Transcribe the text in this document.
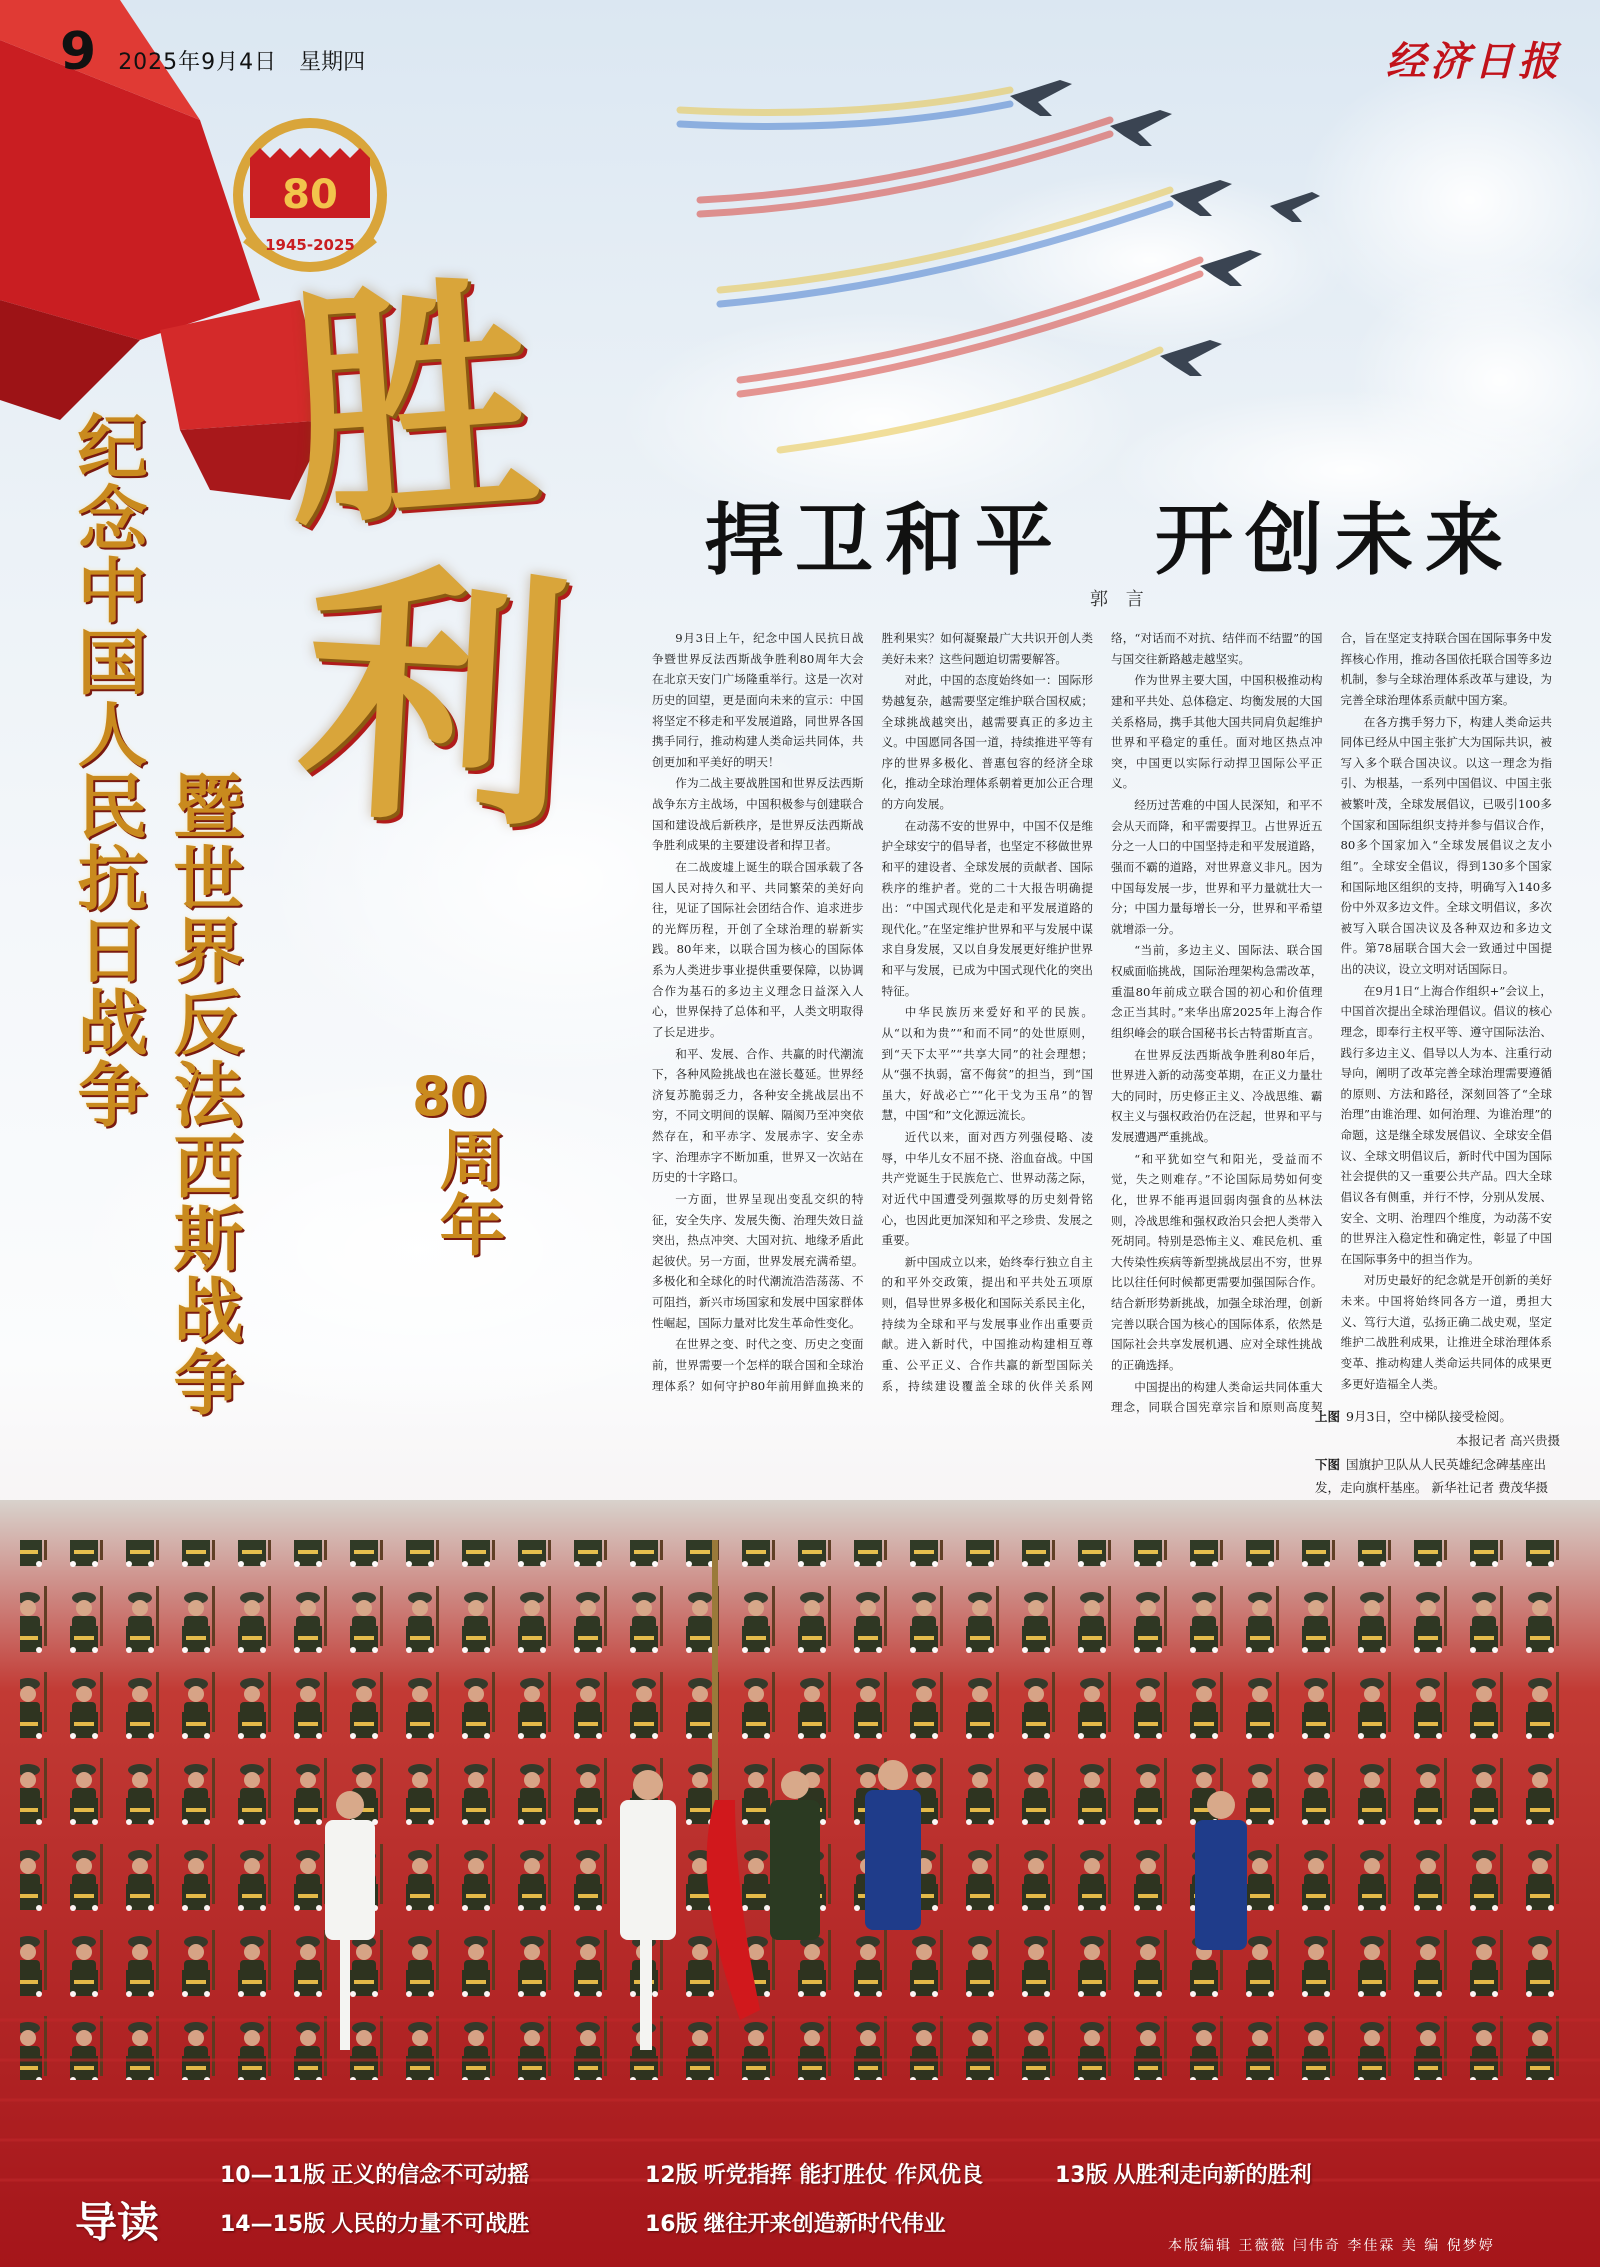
80
1945-2025
9 2025年9月4日 星期四	经济日报
胜
利
纪念中国人民抗日战争 暨世界反法西斯战争	80
周年
捍卫和平　开创未来
郭 言

9月3日上午，纪念中国人民抗日战争暨世界反法西斯战争胜利80周年大会在北京天安门广场隆重举行。这是一次对历史的回望，更是面向未来的宣示：中国将坚定不移走和平发展道路，同世界各国携手同行，推动构建人类命运共同体，共创更加和平美好的明天！

作为二战主要战胜国和世界反法西斯战争东方主战场，中国积极参与创建联合国和建设战后新秩序，是世界反法西斯战争胜利成果的主要建设者和捍卫者。

在二战废墟上诞生的联合国承载了各国人民对持久和平、共同繁荣的美好向往，见证了国际社会团结合作、追求进步的光辉历程，开创了全球治理的崭新实践。80年来，以联合国为核心的国际体系为人类进步事业提供重要保障，以协调合作为基石的多边主义理念日益深入人心，世界保持了总体和平，人类文明取得了长足进步。

和平、发展、合作、共赢的时代潮流下，各种风险挑战也在滋长蔓延。世界经济复苏脆弱乏力，各种安全挑战层出不穷，不同文明间的误解、隔阂乃至冲突依然存在，和平赤字、发展赤字、安全赤字、治理赤字不断加重，世界又一次站在历史的十字路口。

一方面，世界呈现出变乱交织的特征，安全失序、发展失衡、治理失效日益突出，热点冲突、大国对抗、地缘矛盾此起彼伏。另一方面，世界发展充满希望。多极化和全球化的时代潮流浩浩荡荡、不可阻挡，新兴市场国家和发展中国家群体性崛起，国际力量对比发生革命性变化。

在世界之变、时代之变、历史之变面前，世界需要一个怎样的联合国和全球治理体系？如何守护80年前用鲜血换来的胜利果实？如何凝聚最广大共识开创人类美好未来？这些问题迫切需要解答。

对此，中国的态度始终如一：国际形势越复杂，越需要坚定维护联合国权威；全球挑战越突出，越需要真正的多边主义。中国愿同各国一道，持续推进平等有序的世界多极化、普惠包容的经济全球化，推动全球治理体系朝着更加公正合理的方向发展。

在动荡不安的世界中，中国不仅是维护全球安宁的倡导者，也坚定不移做世界和平的建设者、全球发展的贡献者、国际秩序的维护者。党的二十大报告明确提出：“中国式现代化是走和平发展道路的现代化。”在坚定维护世界和平与发展中谋求自身发展，又以自身发展更好维护世界和平与发展，已成为中国式现代化的突出特征。

中华民族历来爱好和平的民族。从“以和为贵”“和而不同”的处世原则，到“天下太平”“共享大同”的社会理想；从“强不执弱，富不侮贫”的担当，到“国虽大，好战必亡”“化干戈为玉帛”的智慧，中国“和”文化源远流长。

近代以来，面对西方列强侵略、凌辱，中华儿女不屈不挠、浴血奋战。中国共产党诞生于民族危亡、世界动荡之际，对近代中国遭受列强欺辱的历史刻骨铭心，也因此更加深知和平之珍贵、发展之重要。

新中国成立以来，始终奉行独立自主的和平外交政策，提出和平共处五项原则，倡导世界多极化和国际关系民主化，持续为全球和平与发展事业作出重要贡献。进入新时代，中国推动构建相互尊重、公平正义、合作共赢的新型国际关系，持续建设覆盖全球的伙伴关系网络，“对话而不对抗、结伴而不结盟”的国与国交往新路越走越坚实。

作为世界主要大国，中国积极推动构建和平共处、总体稳定、均衡发展的大国关系格局，携手其他大国共同肩负起维护世界和平稳定的重任。面对地区热点冲突，中国更以实际行动捍卫国际公平正义。

经历过苦难的中国人民深知，和平不会从天而降，和平需要捍卫。占世界近五分之一人口的中国坚持走和平发展道路，强而不霸的道路，对世界意义非凡。因为中国每发展一步，世界和平力量就壮大一分；中国力量每增长一分，世界和平希望就增添一分。

“当前，多边主义、国际法、联合国权威面临挑战，国际治理架构急需改革，重温80年前成立联合国的初心和价值理念正当其时。”来华出席2025年上海合作组织峰会的联合国秘书长古特雷斯直言。

在世界反法西斯战争胜利80年后，世界进入新的动荡变革期，在正义力量壮大的同时，历史修正主义、冷战思维、霸权主义与强权政治仍在泛起，世界和平与发展遭遇严重挑战。

“和平犹如空气和阳光，受益而不觉，失之则难存。”不论国际局势如何变化，世界不能再退回弱肉强食的丛林法则，冷战思维和强权政治只会把人类带入死胡同。特别是恐怖主义、难民危机、重大传染性疾病等新型挑战层出不穷，世界比以往任何时候都更需要加强国际合作。结合新形势新挑战，加强全球治理，创新完善以联合国为核心的国际体系，依然是国际社会共享发展机遇、应对全球性挑战的正确选择。

中国提出的构建人类命运共同体重大理念，同联合国宪章宗旨和原则高度契合，旨在坚定支持联合国在国际事务中发挥核心作用，推动各国依托联合国等多边机制，参与全球治理体系改革与建设，为完善全球治理体系贡献中国方案。

在各方携手努力下，构建人类命运共同体已经从中国主张扩大为国际共识，被写入多个联合国决议。以这一理念为指引、为根基，一系列中国倡议、中国主张被繁叶茂，全球发展倡议，已吸引100多个国家和国际组织支持并参与倡议合作，80多个国家加入“全球发展倡议之友小组”。全球安全倡议，得到130多个国家和国际地区组织的支持，明确写入140多份中外双多边文件。全球文明倡议，多次被写入联合国决议及各种双边和多边文件。第78届联合国大会一致通过中国提出的决议，设立文明对话国际日。

在9月1日“上海合作组织+”会议上，中国首次提出全球治理倡议。倡议的核心理念，即奉行主权平等、遵守国际法治、践行多边主义、倡导以人为本、注重行动导向，阐明了改革完善全球治理需要遵循的原则、方法和路径，深刻回答了“全球治理”由谁治理、如何治理、为谁治理”的命题，这是继全球发展倡议、全球安全倡议、全球文明倡议后，新时代中国为国际社会提供的又一重要公共产品。四大全球倡议各有侧重，并行不悖，分别从发展、安全、文明、治理四个维度，为动荡不安的世界注入稳定性和确定性，彰显了中国在国际事务中的担当作为。

对历史最好的纪念就是开创新的美好未来。中国将始终同各方一道，勇担大义、笃行大道，弘扬正确二战史观，坚定维护二战胜利成果，让推进全球治理体系变革、推动构建人类命运共同体的成果更多更好造福全人类。

上图 9月3日，空中梯队接受检阅。
本报记者 高兴贵摄
下图 国旗护卫队从人民英雄纪念碑基座出发，走向旗杆基座。 新华社记者 费茂华摄
导读
10—11版 正义的信念不可动摇	12版 听党指挥 能打胜仗 作风优良	13版 从胜利走向新的胜利
14—15版 人民的力量不可战胜	16版 继往开来创造新时代伟业
本版编辑 王薇薇 闫伟奇 李佳霖 美 编 倪梦婷
